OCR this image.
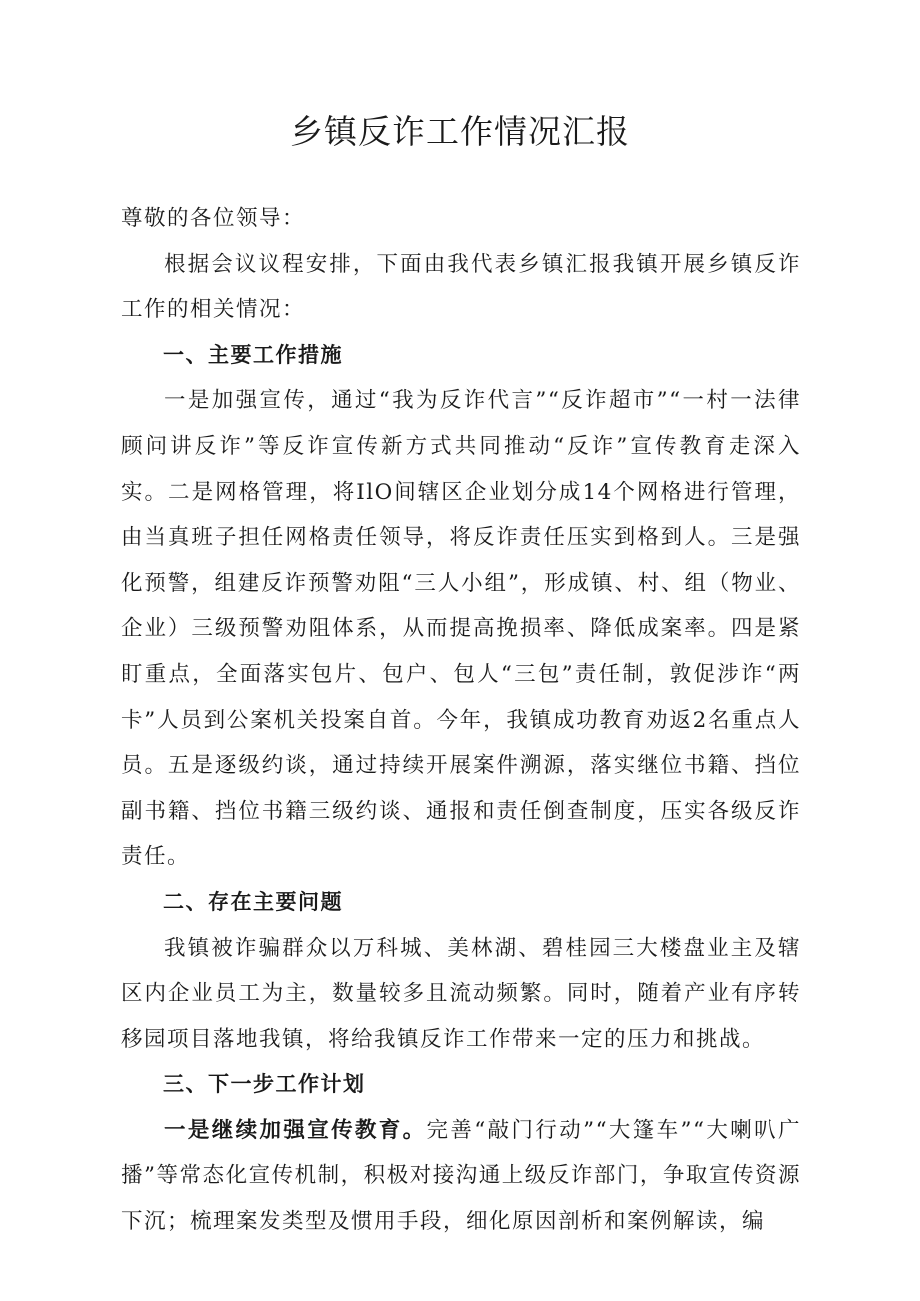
乡镇反诈工作情况汇报

尊敬的各位领导：

根据会议议程安排，下面由我代表乡镇汇报我镇开展乡镇反诈工作的相关情况：

一、主要工作措施

一是加强宣传，通过“我为反诈代言”“反诈超市”“一村一法律顾问讲反诈”等反诈宣传新方式共同推动“反诈”宣传教育走深入实。二是网格管理，将IlO间辖区企业划分成14个网格进行管理，由当真班子担任网格责任领导，将反诈责任压实到格到人。三是强化预警，组建反诈预警劝阻“三人小组”，形成镇、村、组（物业、企业）三级预警劝阻体系，从而提高挽损率、降低成案率。四是紧盯重点，全面落实包片、包户、包人“三包”责任制，敦促涉诈“两卡”人员到公案机关投案自首。今年，我镇成功教育劝返2名重点人员。五是逐级约谈，通过持续开展案件溯源，落实继位书籍、挡位副书籍、挡位书籍三级约谈、通报和责任倒查制度，压实各级反诈责任。

二、存在主要问题

我镇被诈骗群众以万科城、美林湖、碧桂园三大楼盘业主及辖区内企业员工为主，数量较多且流动频繁。同时，随着产业有序转移园项目落地我镇，将给我镇反诈工作带来一定的压力和挑战。

三、下一步工作计划

一是继续加强宣传教育。完善“敲门行动”“大篷车”“大喇叭广播”等常态化宣传机制，积极对接沟通上级反诈部门，争取宣传资源下沉；梳理案发类型及惯用手段，细化原因剖析和案例解读，编
